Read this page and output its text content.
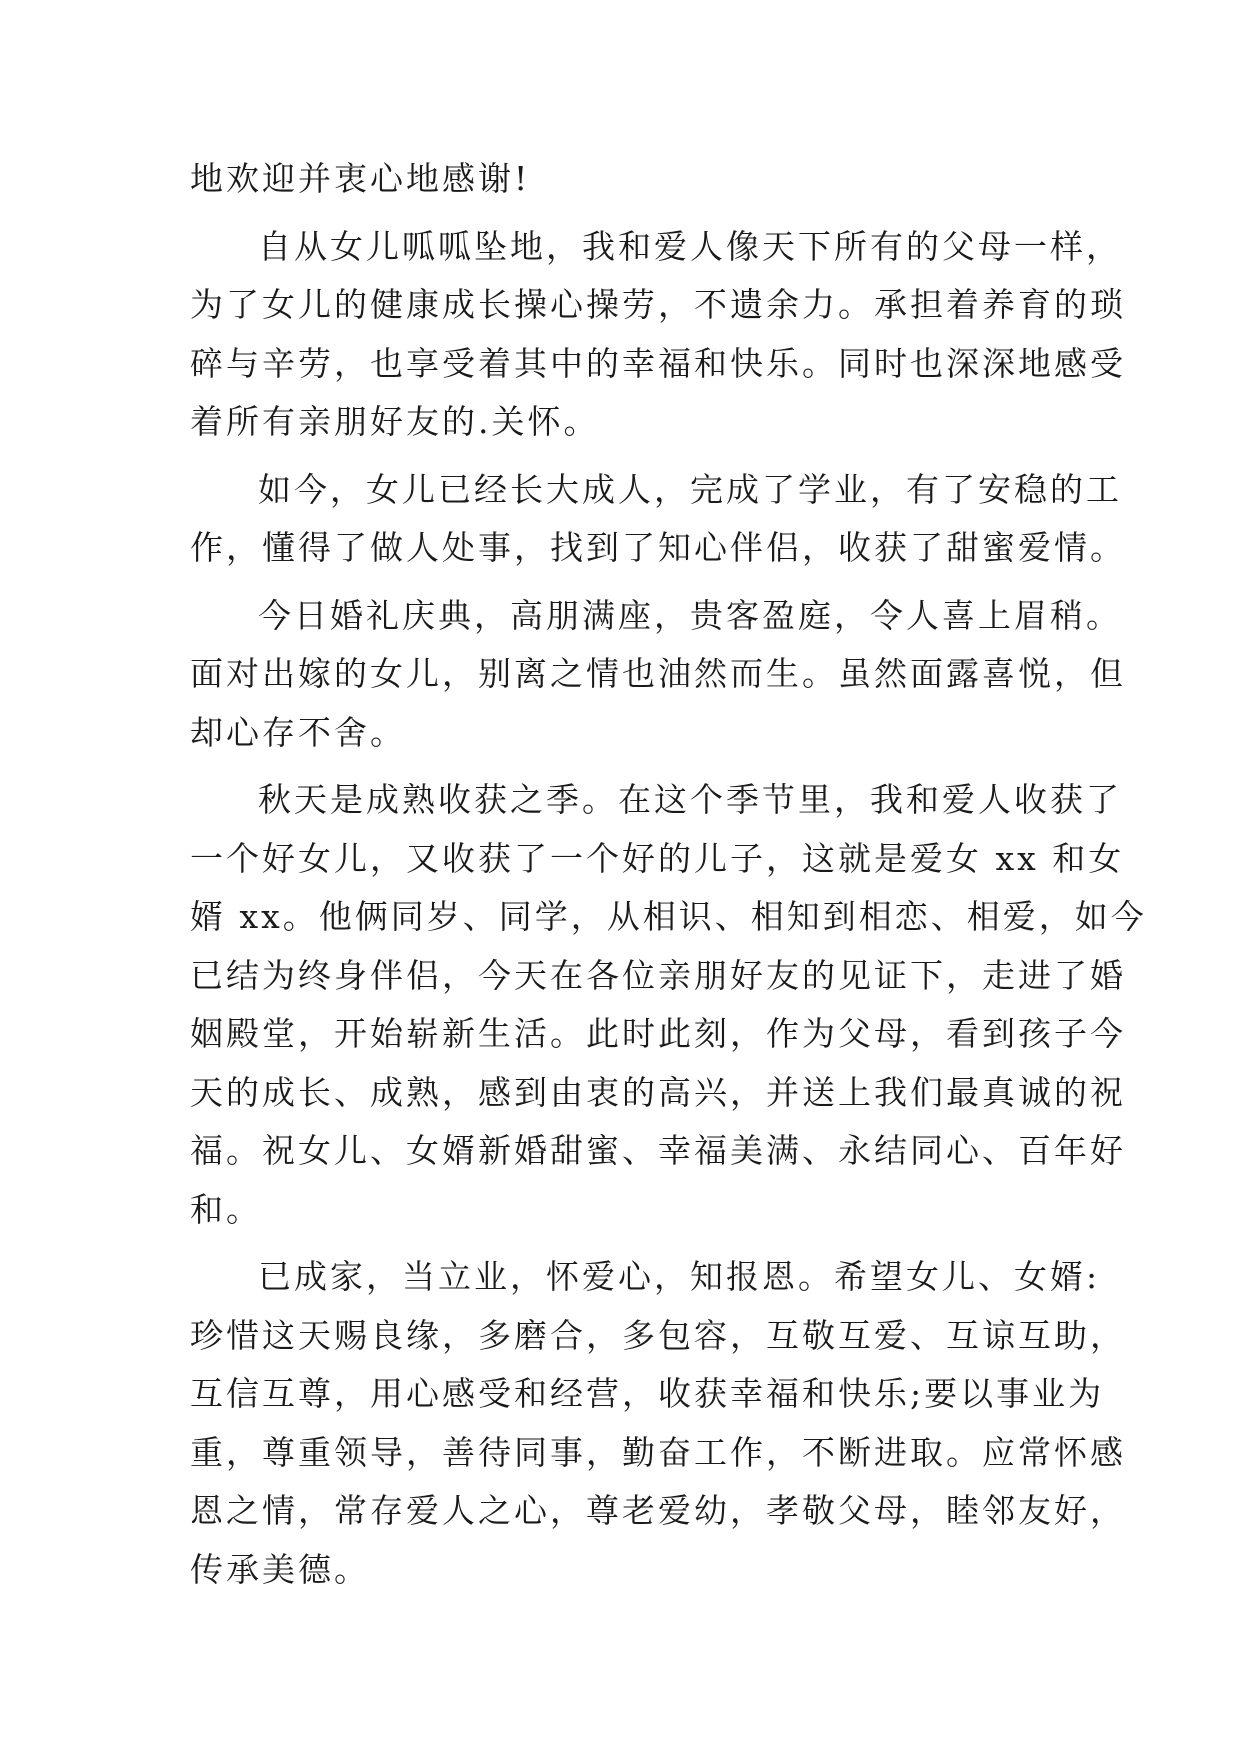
地欢迎并衷心地感谢!
自从女儿呱呱坠地，我和爱人像天下所有的父母一样，
为了女儿的健康成长操心操劳，不遗余力。承担着养育的琐
碎与辛劳，也享受着其中的幸福和快乐。同时也深深地感受
着所有亲朋好友的.关怀。
如今，女儿已经长大成人，完成了学业，有了安稳的工
作，懂得了做人处事，找到了知心伴侣，收获了甜蜜爱情。
今日婚礼庆典，高朋满座，贵客盈庭，令人喜上眉稍。
面对出嫁的女儿，别离之情也油然而生。虽然面露喜悦，但
却心存不舍。
秋天是成熟收获之季。在这个季节里，我和爱人收获了
一个好女儿，又收获了一个好的儿子，这就是爱女 xx 和女
婿 xx。他俩同岁、同学，从相识、相知到相恋、相爱，如今
已结为终身伴侣，今天在各位亲朋好友的见证下，走进了婚
姻殿堂，开始崭新生活。此时此刻，作为父母，看到孩子今
天的成长、成熟，感到由衷的高兴，并送上我们最真诚的祝
福。祝女儿、女婿新婚甜蜜、幸福美满、永结同心、百年好
和。
已成家，当立业，怀爱心，知报恩。希望女儿、女婿:
珍惜这天赐良缘，多磨合，多包容，互敬互爱、互谅互助，
互信互尊，用心感受和经营，收获幸福和快乐;要以事业为
重，尊重领导，善待同事，勤奋工作，不断进取。应常怀感
恩之情，常存爱人之心，尊老爱幼，孝敬父母，睦邻友好，
传承美德。
